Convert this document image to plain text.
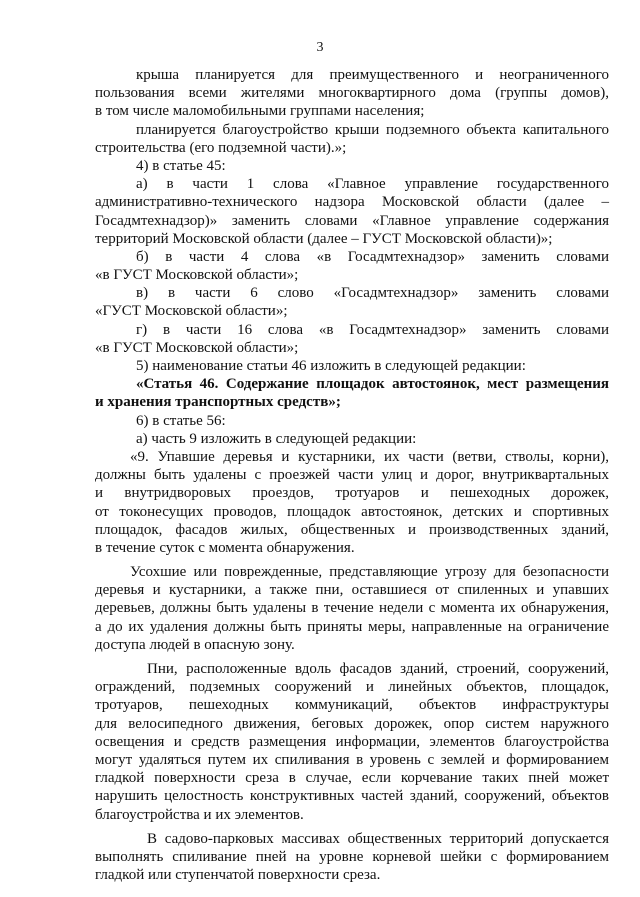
3
крыша планируется для преимущественного и неограниченного
пользования всеми жителями многоквартирного дома (группы домов),
в том числе маломобильными группами населения;
планируется благоустройство крыши подземного объекта капитального
строительства (его подземной части).»;
4) в статье 45:
а) в части 1 слова «Главное управление государственного
административно-технического надзора Московской области (далее –
Госадмтехнадзор)» заменить словами «Главное управление содержания
территорий Московской области (далее – ГУСТ Московской области)»;
б) в части 4 слова «в Госадмтехнадзор» заменить словами
«в ГУСТ Московской области»;
в) в части 6 слово «Госадмтехнадзор» заменить словами
«ГУСТ Московской области»;
г) в части 16 слова «в Госадмтехнадзор» заменить словами
«в ГУСТ Московской области»;
5) наименование статьи 46 изложить в следующей редакции:
«Статья 46. Содержание площадок автостоянок, мест размещения
и хранения транспортных средств»;
6) в статье 56:
а) часть 9 изложить в следующей редакции:
«9. Упавшие деревья и кустарники, их части (ветви, стволы, корни),
должны быть удалены с проезжей части улиц и дорог, внутриквартальных
и внутридворовых проездов, тротуаров и пешеходных дорожек,
от токонесущих проводов, площадок автостоянок, детских и спортивных
площадок, фасадов жилых, общественных и производственных зданий,
в течение суток с момента обнаружения.
Усохшие или поврежденные, представляющие угрозу для безопасности
деревья и кустарники, а также пни, оставшиеся от спиленных и упавших
деревьев, должны быть удалены в течение недели с момента их обнаружения,
а до их удаления должны быть приняты меры, направленные на ограничение
доступа людей в опасную зону.
Пни, расположенные вдоль фасадов зданий, строений, сооружений,
ограждений, подземных сооружений и линейных объектов, площадок,
тротуаров, пешеходных коммуникаций, объектов инфраструктуры
для велосипедного движения, беговых дорожек, опор систем наружного
освещения и средств размещения информации, элементов благоустройства
могут удаляться путем их спиливания в уровень с землей и формированием
гладкой поверхности среза в случае, если корчевание таких пней может
нарушить целостность конструктивных частей зданий, сооружений, объектов
благоустройства и их элементов.
В садово-парковых массивах общественных территорий допускается
выполнять спиливание пней на уровне корневой шейки с формированием
гладкой или ступенчатой поверхности среза.
